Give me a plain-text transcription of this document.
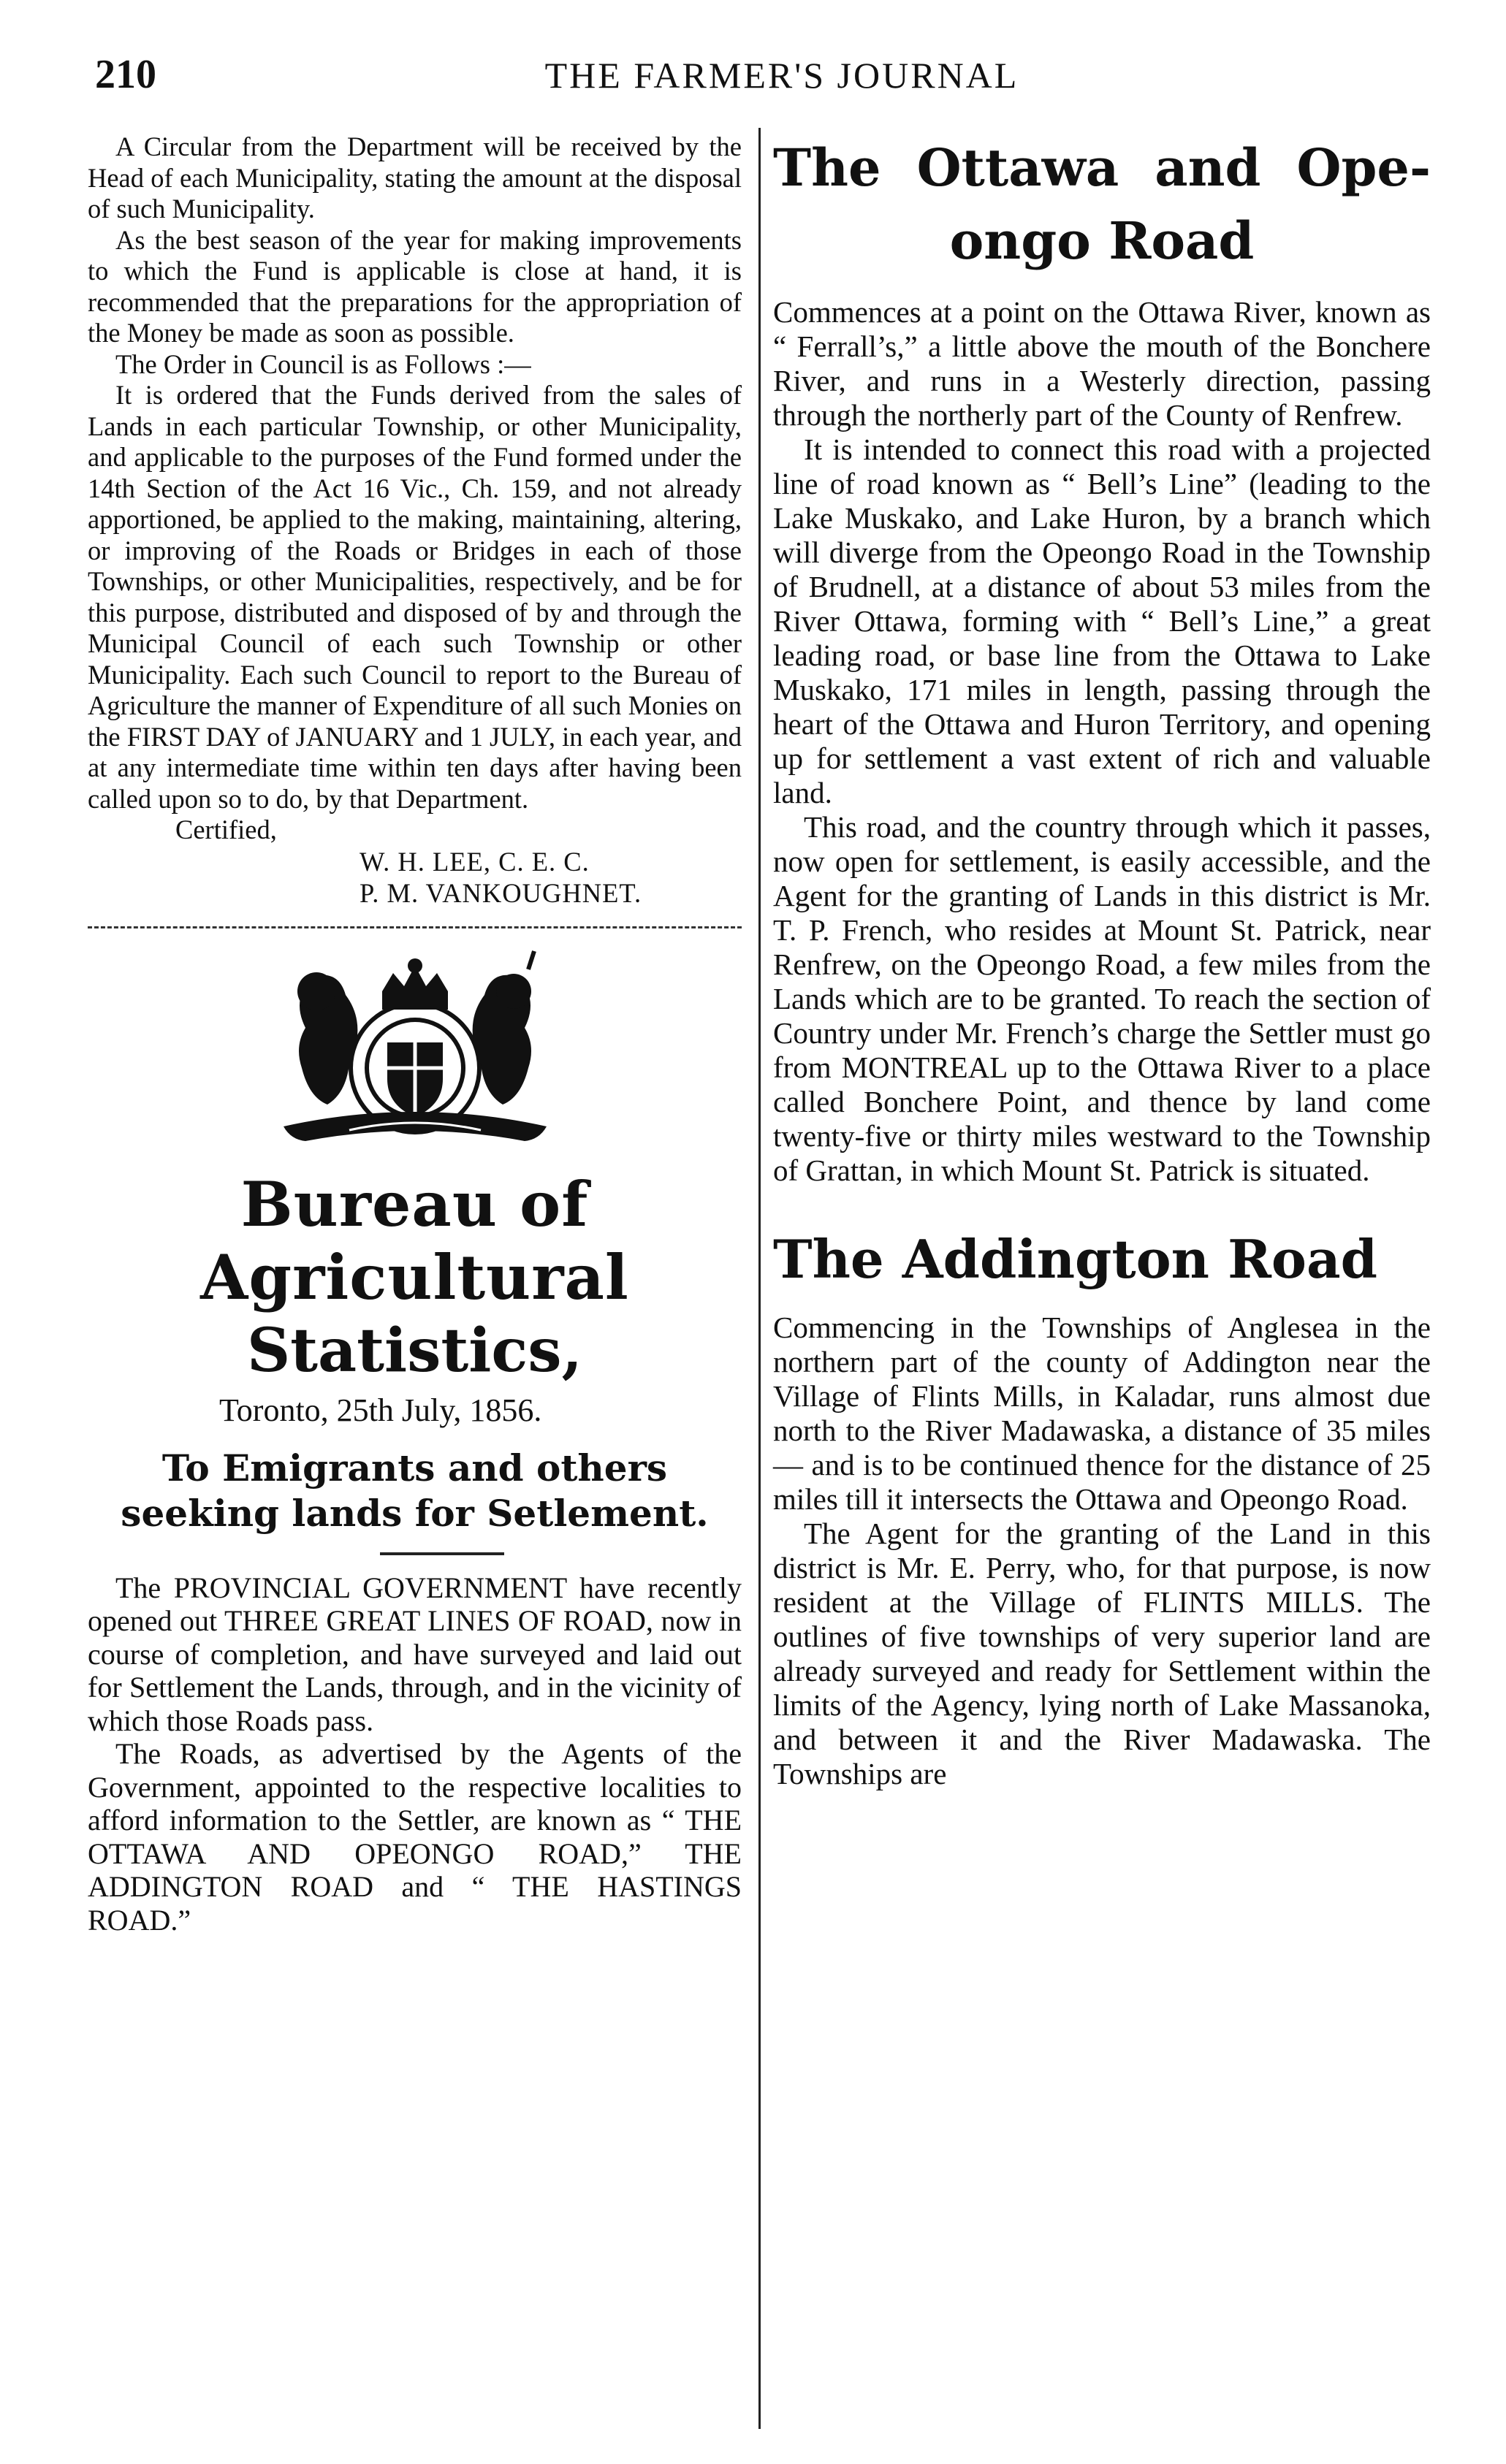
THE FARMER'S JOURNAL
210

A Circular from the Department will be received by the Head of each Municipality, stating the amount at the disposal of such Municipality.

As the best season of the year for making improvements to which the Fund is applicable is close at hand, it is recommended that the preparations for the appropriation of the Money be made as soon as possible.

The Order in Council is as Follows :—

It is ordered that the Funds derived from the sales of Lands in each particular Township, or other Municipality, and applicable to the purposes of the Fund formed under the 14th Section of the Act 16 Vic., Ch. 159, and not already apportioned, be applied to the making, maintaining, altering, or improving of the Roads or Bridges in each of those Townships, or other Municipalities, respectively, and be for this purpose, distributed and disposed of by and through the Municipal Council of each such Township or other Municipality. Each such Council to report to the Bureau of Agriculture the manner of Expenditure of all such Monies on the FIRST DAY of JANUARY and 1 JULY, in each year, and at any intermediate time within ten days after having been called upon so to do, by that Department.

Certified,
W. H. LEE, C. E. C.
P. M. VANKOUGHNET.
Bureau of Agricultural
Statistics,
Toronto, 25th July, 1856.
To Emigrants and others seeking lands for Setlement.

The PROVINCIAL GOVERNMENT have recently opened out THREE GREAT LINES OF ROAD, now in course of completion, and have surveyed and laid out for Settlement the Lands, through, and in the vicinity of which those Roads pass.

The Roads, as advertised by the Agents of the Government, appointed to the respective localities to afford information to the Settler, are known as “ THE OTTAWA AND OPEONGO ROAD,” THE ADDINGTON ROAD and “ THE HASTINGS ROAD.”

The Ottawa and Ope-
ongo Road

Commences at a point on the Ottawa River, known as “ Ferrall’s,” a little above the mouth of the Bonchere River, and runs in a Westerly direction, passing through the northerly part of the County of Renfrew.

It is intended to connect this road with a projected line of road known as “ Bell’s Line” (leading to the Lake Muskako, and Lake Huron, by a branch which will diverge from the Opeongo Road in the Township of Brudnell, at a distance of about 53 miles from the River Ottawa, forming with “ Bell’s Line,” a great leading road, or base line from the Ottawa to Lake Muskako, 171 miles in length, passing through the heart of the Ottawa and Huron Territory, and opening up for settlement a vast extent of rich and valuable land.

This road, and the country through which it passes, now open for settlement, is easily accessible, and the Agent for the granting of Lands in this district is Mr. T. P. French, who resides at Mount St. Patrick, near Renfrew, on the Opeongo Road, a few miles from the Lands which are to be granted. To reach the section of Country under Mr. French’s charge the Settler must go from MONTREAL up to the Ottawa River to a place called Bonchere Point, and thence by land come twenty-five or thirty miles westward to the Township of Grattan, in which Mount St. Patrick is situated.

The Addington Road

Commencing in the Townships of Anglesea in the northern part of the county of Addington near the Village of Flints Mills, in Kaladar, runs almost due north to the River Madawaska, a distance of 35 miles— and is to be continued thence for the distance of 25 miles till it intersects the Ottawa and Opeongo Road.

The Agent for the granting of the Land in this district is Mr. E. Perry, who, for that purpose, is now resident at the Village of FLINTS MILLS. The outlines of five townships of very superior land are already surveyed and ready for Settlement within the limits of the Agency, lying north of Lake Massanoka, and between it and the River Madawaska. The Townships are
